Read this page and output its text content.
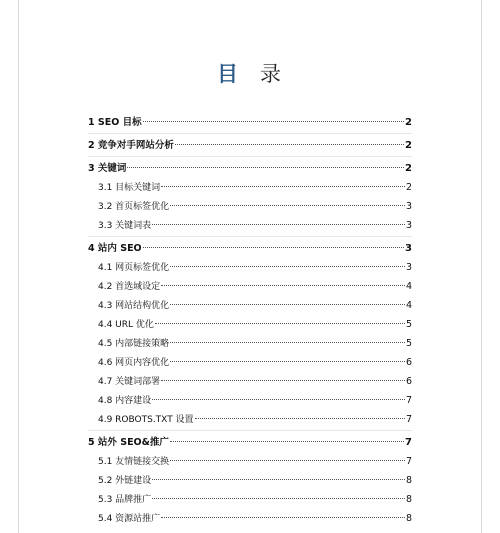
目 录
1 SEO 目标	2
2 竞争对手网站分析	2
3 关键词	2
3.1 目标关键词	2
3.2 首页标签优化	3
3.3 关键词表	3
4 站内 SEO	3
4.1 网页标签优化	3
4.2 首选域设定	4
4.3 网站结构优化	4
4.4 URL 优化	5
4.5 内部链接策略	5
4.6 网页内容优化	6
4.7 关键词部署	6
4.8 内容建设	7
4.9 ROBOTS.TXT 设置	7
5 站外 SEO&推广	7
5.1 友情链接交换	7
5.2 外链建设	8
5.3 品牌推广	8
5.4 资源站推广	8
